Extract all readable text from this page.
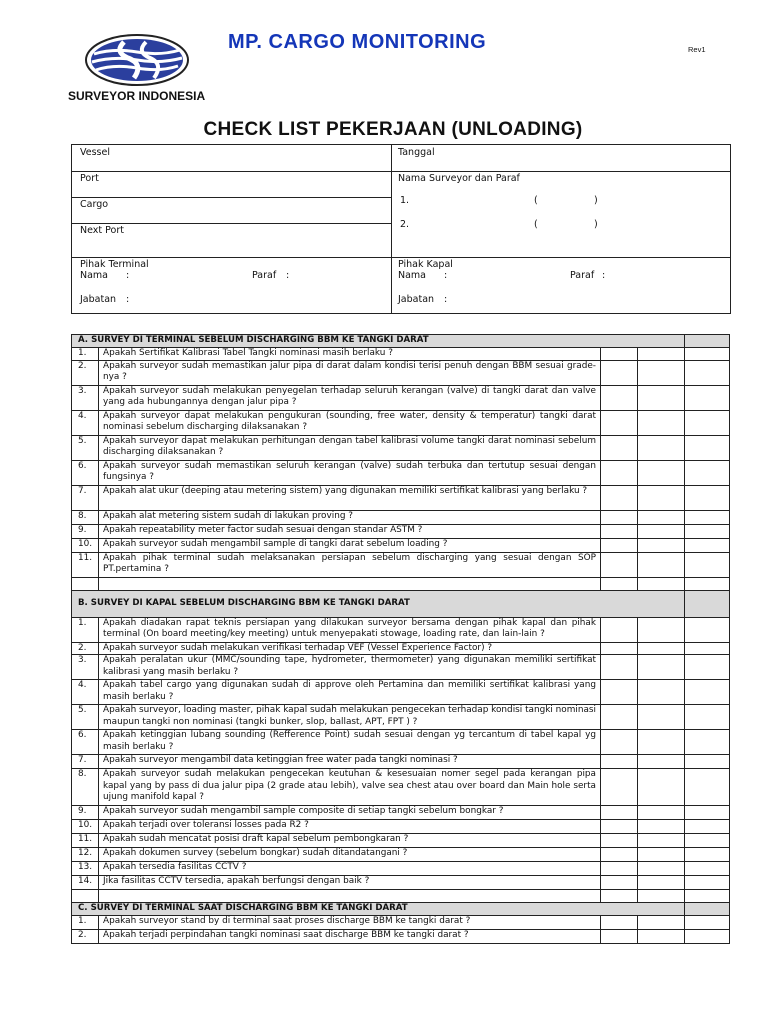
SURVEYOR INDONESIA
MP. CARGO MONITORING	Rev1
CHECK LIST PEKERJAAN (UNLOADING)
Vessel
Port
Cargo
Next Port
Tanggal
Nama Surveyor dan Paraf
1.	(	)
2.	(	)
Pihak Terminal
Nama :	Paraf :
Jabatan :
Pihak Kapal
Nama :	Paraf :
Jabatan :
A. SURVEY DI TERMINAL SEBELUM DISCHARGING BBM KE TANGKI DARAT				
1.	Apakah Sertifikat Kalibrasi Tabel Tangki nominasi masih berlaku ?			
2.	Apakah surveyor sudah memastikan jalur pipa di darat dalam kondisi terisi penuh dengan BBM sesuai grade-nya ?			
3.	Apakah surveyor sudah melakukan penyegelan terhadap seluruh kerangan (valve) di tangki darat dan valve yang ada hubungannya dengan jalur pipa ?			
4.	Apakah surveyor dapat melakukan pengukuran (sounding, free water, density & temperatur) tangki darat nominasi sebelum discharging dilaksanakan ?			
5.	Apakah surveyor dapat melakukan perhitungan dengan tabel kalibrasi volume tangki darat nominasi sebelum discharging dilaksanakan ?			
6.	Apakah surveyor sudah memastikan seluruh kerangan (valve) sudah terbuka dan tertutup sesuai dengan fungsinya ?			
7.	Apakah alat ukur (deeping atau metering sistem) yang digunakan memiliki sertifikat kalibrasi yang berlaku ?			
8.	Apakah alat metering sistem sudah di lakukan proving ?			
9.	Apakah repeatability meter factor sudah sesuai dengan standar ASTM ?			
10.	Apakah surveyor sudah mengambil sample di tangki darat sebelum loading ?			
11.	Apakah pihak terminal sudah melaksanakan persiapan sebelum discharging yang sesuai dengan SOP PT.pertamina ?			

B. SURVEY DI KAPAL SEBELUM DISCHARGING BBM KE TANGKI DARAT				
1.	Apakah diadakan rapat teknis persiapan yang dilakukan surveyor bersama dengan pihak kapal dan pihak terminal (On board meeting/key meeting) untuk menyepakati stowage, loading rate, dan lain-lain ?			
2.	Apakah surveyor sudah melakukan verifikasi terhadap VEF (Vessel Experience Factor) ?			
3.	Apakah peralatan ukur (MMC/sounding tape, hydrometer, thermometer) yang digunakan memiliki sertifikat kalibrasi yang masih berlaku ?			
4.	Apakah tabel cargo yang digunakan sudah di approve oleh Pertamina dan memiliki sertifikat kalibrasi yang masih berlaku ?			
5.	Apakah surveyor, loading master, pihak kapal sudah melakukan pengecekan terhadap kondisi tangki nominasi maupun tangki non nominasi (tangki bunker, slop, ballast, APT, FPT ) ?			
6.	Apakah ketinggian lubang sounding (Refference Point) sudah sesuai dengan yg tercantum di tabel kapal yg masih berlaku ?			
7.	Apakah surveyor mengambil data ketinggian free water pada tangki nominasi ?			
8.	Apakah surveyor sudah melakukan pengecekan keutuhan & kesesuaian nomer segel pada kerangan pipa kapal yang by pass di dua jalur pipa (2 grade atau lebih), valve sea chest atau over board dan Main hole serta ujung manifold kapal ?			
9.	Apakah surveyor sudah mengambil sample composite di setiap tangki sebelum bongkar ?			
10.	Apakah terjadi over toleransi losses pada R2 ?			
11.	Apakah sudah mencatat posisi draft kapal sebelum pembongkaran ?			
12.	Apakah dokumen survey (sebelum bongkar) sudah ditandatangani ?			
13.	Apakah tersedia fasilitas CCTV ?			
14.	Jika fasilitas CCTV tersedia, apakah berfungsi dengan baik ?			

C. SURVEY DI TERMINAL SAAT DISCHARGING BBM KE TANGKI DARAT				
1.	Apakah surveyor stand by di terminal saat proses discharge BBM ke tangki darat ?			
2.	Apakah terjadi perpindahan tangki nominasi saat discharge BBM ke tangki darat ?			
